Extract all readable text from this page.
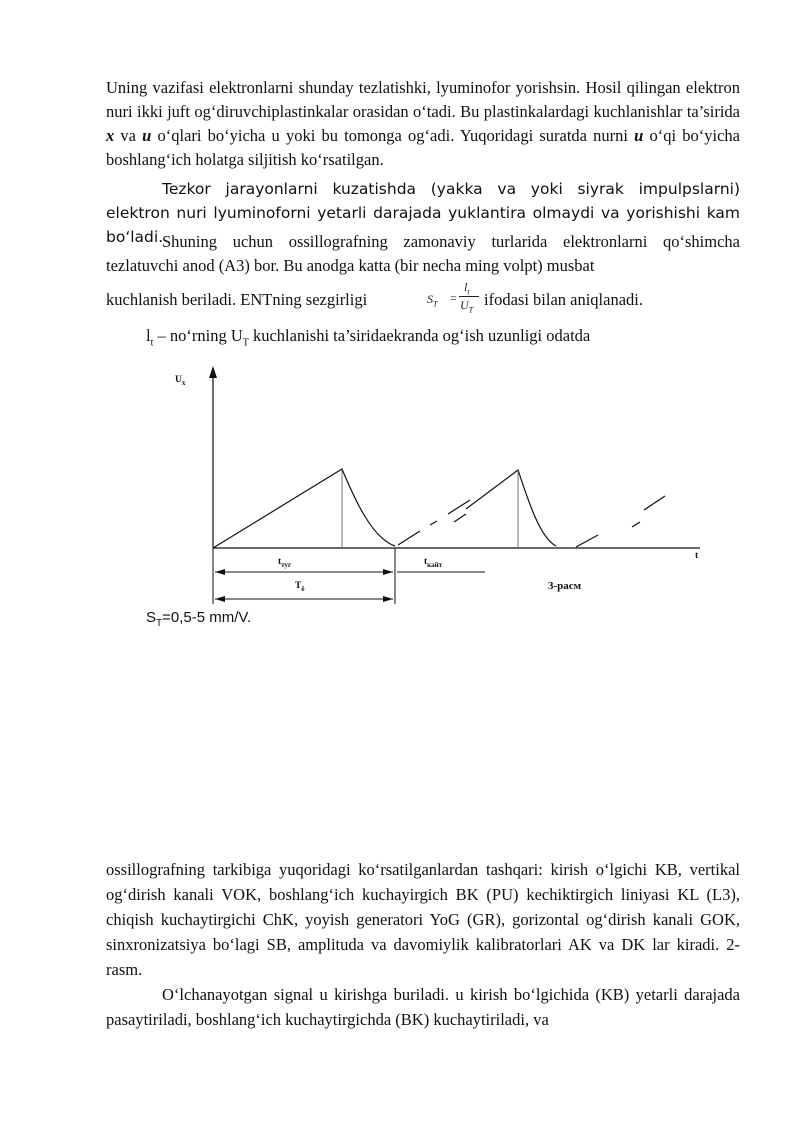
Uning vazifasi elektronlarni shunday tezlatishki, lyuminofor yorishsin. Hosil qilingan elektron nuri ikki juft og‘diruvchiplastinkalar orasidan o‘tadi. Bu plastinkalardagi kuchlanishlar ta’sirida x va u o‘qlari bo‘yicha u yoki bu tomonga og‘adi. Yuqoridagi suratda nurni u o‘qi bo‘yicha boshlang‘ich holatga siljitish ko‘rsatilgan.

Tezkor jarayonlarni kuzatishda (yakka va yoki siyrak impulpslarni) elektron nuri lyuminoforni yetarli darajada yuklantira olmaydi va yorishishi kam bo‘ladi.

Shuning uchun ossillografning zamonaviy turlarida elektronlarni qo‘shimcha tezlatuvchi anod (A3) bor. Bu anodga katta (bir necha ming volpt) musbat

kuchlanish beriladi. ENTning sezgirligi	$S_T$ =
$l_t$
$U_T$
ifodasi bilan aniqlanadi.
$l_t$ – no‘rning $U_T$ kuchlanishi ta’siridaekranda og‘ish uzunligi odatda
$U_x$
t
$t_{туг}$	$t_{кайт}$
$T_ё$	3-расм
$S_T=0,5-5$ mm/V.

ossillografning tarkibiga yuqoridagi ko‘rsatilganlardan tashqari: kirish o‘lgichi KB, vertikal og‘dirish kanali VOK, boshlang‘ich kuchayirgich BK (PU) kechiktirgich liniyasi KL (L3), chiqish kuchaytirgichi ChK, yoyish generatori YoG (GR), gorizontal og‘dirish kanali GOK, sinxronizatsiya bo‘lagi SB, amplituda va davomiylik kalibratorlari AK va DK lar kiradi. 2-rasm.

O‘lchanayotgan signal u kirishga buriladi. u kirish bo‘lgichida (KB) yetarli darajada pasaytiriladi, boshlang‘ich kuchaytirgichda (BK) kuchaytiriladi, va
